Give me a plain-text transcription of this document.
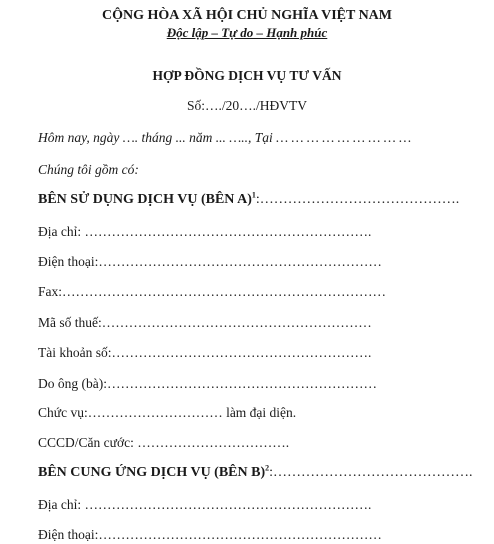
CỘNG HÒA XÃ HỘI CHỦ NGHĨA VIỆT NAM
Độc lập – Tự do – Hạnh phúc
HỢP ĐỒNG DỊCH VỤ TƯ VẤN
Số:…./20…./HĐVTV
Hôm nay, ngày …. tháng ... năm ... ….., Tại … … … … … … … … …
Chúng tôi gồm có:
BÊN SỬ DỤNG DỊCH VỤ (BÊN A)$^1$:…………………………………….
Địa chỉ: ……………………………………………………….
Điện thoại:………………………………………………………
Fax:………………………………………………………………
Mã số thuế:……………………………………………………
Tài khoản số:………………………………………………….
Do ông (bà):……………………………………………………
Chức vụ:………………………… làm đại diện.
CCCD/Căn cước: …………………………….
BÊN CUNG ỨNG DỊCH VỤ (BÊN B)$^2$:…………………………………….
Địa chỉ: ……………………………………………………….
Điện thoại:………………………………………………………
